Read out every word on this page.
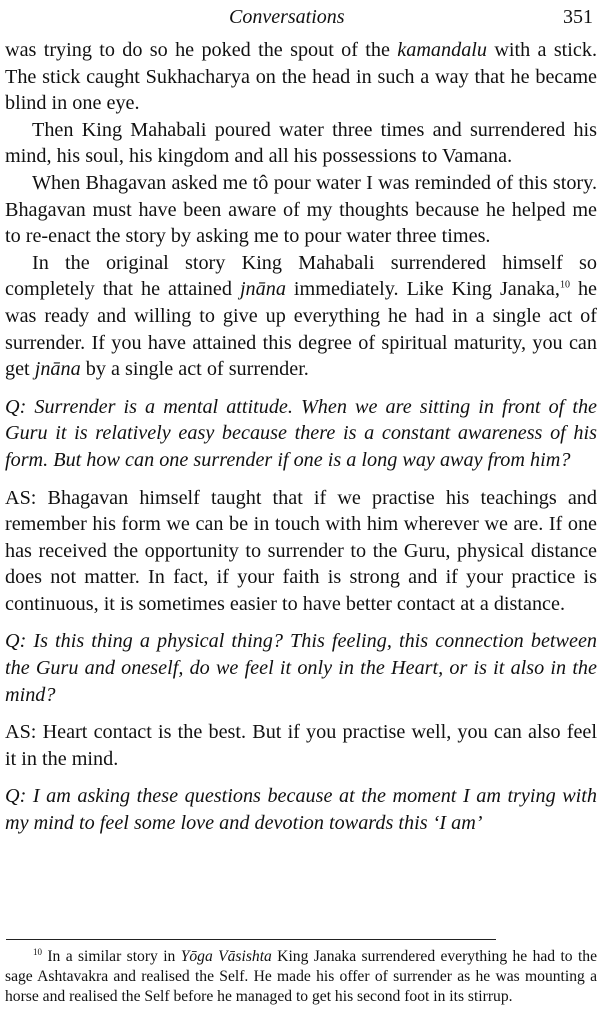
Conversations	351

was trying to do so he poked the spout of the kamandalu with a stick. The stick caught Sukhacharya on the head in such a way that he became blind in one eye.

Then King Mahabali poured water three times and surrendered his mind, his soul, his kingdom and all his possessions to Vamana.

When Bhagavan asked me tô pour water I was reminded of this story. Bhagavan must have been aware of my thoughts because he helped me to re-enact the story by asking me to pour water three times.

In the original story King Mahabali surrendered himself so completely that he attained jnāna immediately. Like King Janaka,$^{10}$ he was ready and willing to give up everything he had in a single act of surrender. If you have attained this degree of spiritual maturity, you can get jnāna by a single act of surrender.

Q: Surrender is a mental attitude. When we are sitting in front of the Guru it is relatively easy because there is a constant awareness of his form. But how can one surrender if one is a long way away from him?

AS: Bhagavan himself taught that if we practise his teachings and remember his form we can be in touch with him wherever we are. If one has received the opportunity to surrender to the Guru, physical distance does not matter. In fact, if your faith is strong and if your practice is continuous, it is sometimes easier to have better contact at a distance.

Q: Is this thing a physical thing? This feeling, this connection between the Guru and oneself, do we feel it only in the Heart, or is it also in the mind?

AS: Heart contact is the best. But if you practise well, you can also feel it in the mind.

Q: I am asking these questions because at the moment I am trying with my mind to feel some love and devotion towards this ‘I am’

$^{10}$ In a similar story in Yōga Vāsishta King Janaka surrendered everything he had to the sage Ashtavakra and realised the Self. He made his offer of surrender as he was mounting a horse and realised the Self before he managed to get his second foot in its stirrup.
